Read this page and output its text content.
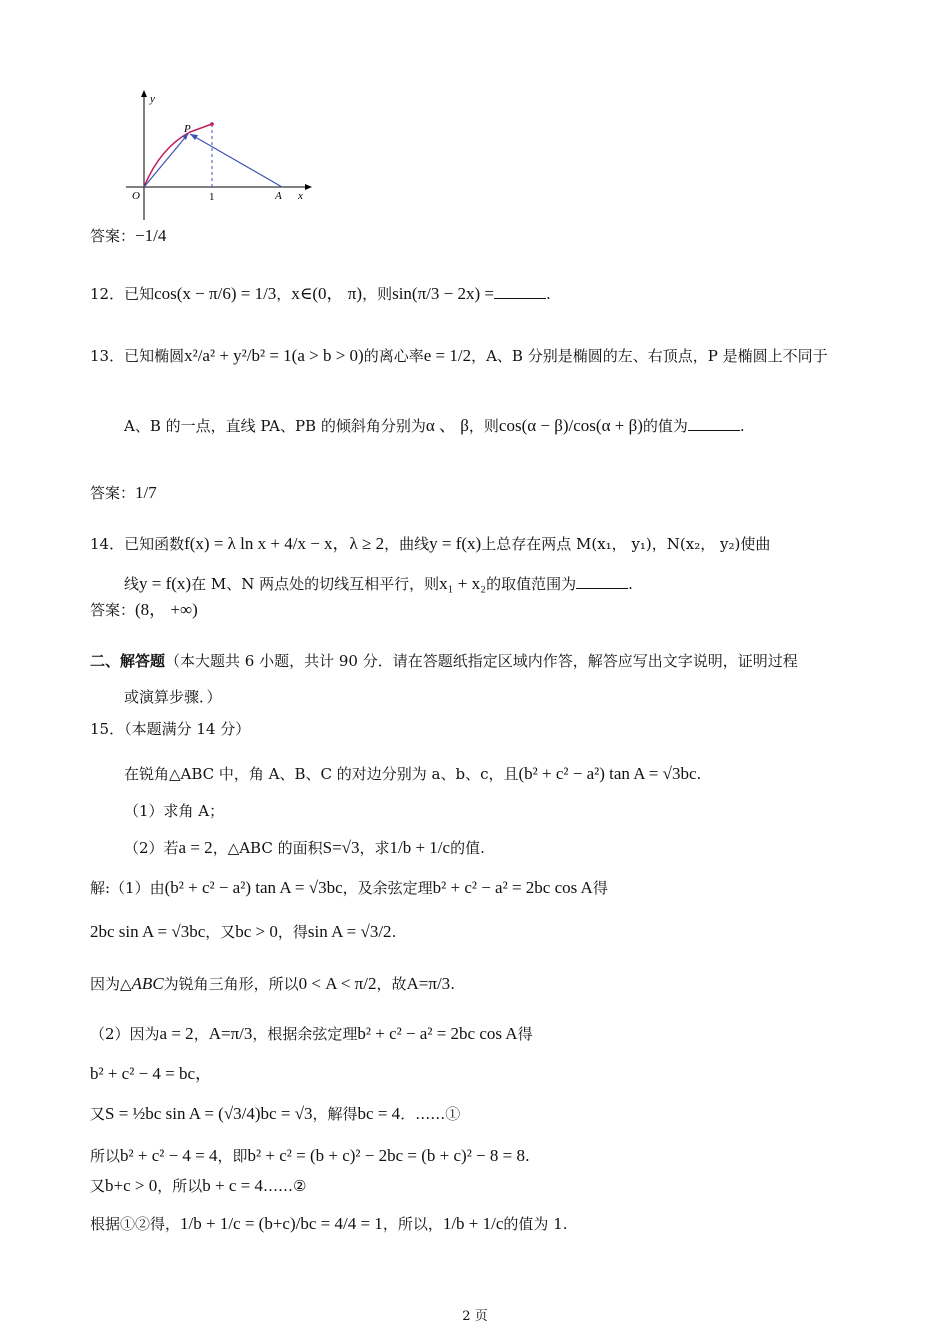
y
P
O	1	A x
答案：−1/4
12．已知cos(x − π/6) = 1/3，x∈(0， π)，则sin(π/3 − 2x) =	.
13．已知椭圆x²/a² + y²/b² = 1(a > b > 0)的离心率e = 1/2，A、B 分别是椭圆的左、右顶点，P 是椭圆上不同于
A、B 的一点，直线 PA、PB 的倾斜角分别为α 、 β，则cos(α − β)/cos(α + β)的值为	.
答案：1/7
14．已知函数f(x) = λ ln x + 4/x − x，λ ≥ 2，曲线y = f(x)上总存在两点 M(x₁， y₁)，N(x₂， y₂)使曲
线y = f(x)在 M、N 两点处的切线互相平行，则x₁ + x₂的取值范围为	.
答案：(8， +∞)
二、解答题（本大题共 6 小题，共计 90 分．请在答题纸指定区域内作答，解答应写出文字说明，证明过程
或演算步骤．）
15．（本题满分 14 分）
在锐角△ABC 中，角 A、B、C 的对边分别为 a、b、c，且(b² + c² − a²) tan A = √3bc.
（1）求角 A；
（2）若a = 2，△ABC 的面积S=√3，求1/b + 1/c的值.
解:（1）由(b² + c² − a²) tan A = √3bc，及余弦定理b² + c² − a² = 2bc cos A得
2bc sin A = √3bc，又bc > 0，得sin A = √3/2.
因为△ABC为锐角三角形，所以0 < A < π/2，故A=π/3.
（2）因为a = 2，A=π/3，根据余弦定理b² + c² − a² = 2bc cos A得
b² + c² − 4 = bc，
又S = ½bc sin A = (√3/4)bc = √3，解得bc = 4．……①
所以b² + c² − 4 = 4，即b² + c² = (b + c)² − 2bc = (b + c)² − 8 = 8.
又b+c > 0，所以b + c = 4……②
根据①②得，1/b + 1/c = (b+c)/bc = 4/4 = 1，所以，1/b + 1/c的值为 1.
2 页
